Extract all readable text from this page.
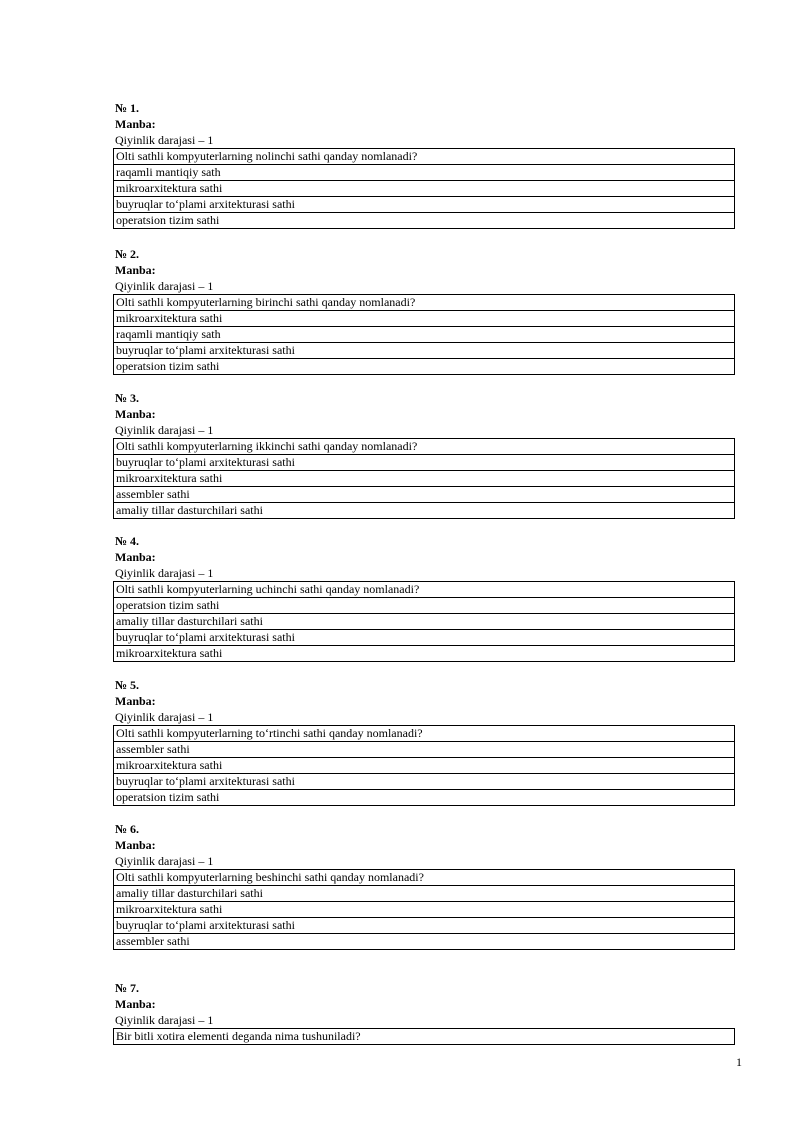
№ 1.
Manba:
Qiyinlik darajasi – 1
Olti sathli kompyuterlarning nolinchi sathi qanday nomlanadi?
raqamli mantiqiy sath
mikroarxitektura sathi
buyruqlar to‘plami arxitekturasi sathi
operatsion tizim sathi
№ 2.
Manba:
Qiyinlik darajasi – 1
Olti sathli kompyuterlarning birinchi sathi qanday nomlanadi?
mikroarxitektura sathi
raqamli mantiqiy sath
buyruqlar to‘plami arxitekturasi sathi
operatsion tizim sathi
№ 3.
Manba:
Qiyinlik darajasi – 1
Olti sathli kompyuterlarning ikkinchi sathi qanday nomlanadi?
buyruqlar to‘plami arxitekturasi sathi
mikroarxitektura sathi
assembler sathi
amaliy tillar dasturchilari sathi
№ 4.
Manba:
Qiyinlik darajasi – 1
Olti sathli kompyuterlarning uchinchi sathi qanday nomlanadi?
operatsion tizim sathi
amaliy tillar dasturchilari sathi
buyruqlar to‘plami arxitekturasi sathi
mikroarxitektura sathi
№ 5.
Manba:
Qiyinlik darajasi – 1
Olti sathli kompyuterlarning to‘rtinchi sathi qanday nomlanadi?
assembler sathi
mikroarxitektura sathi
buyruqlar to‘plami arxitekturasi sathi
operatsion tizim sathi
№ 6.
Manba:
Qiyinlik darajasi – 1
Olti sathli kompyuterlarning beshinchi sathi qanday nomlanadi?
amaliy tillar dasturchilari sathi
mikroarxitektura sathi
buyruqlar to‘plami arxitekturasi sathi
assembler sathi
№ 7.
Manba:
Qiyinlik darajasi – 1
Bir bitli xotira elementi deganda nima tushuniladi?
1
